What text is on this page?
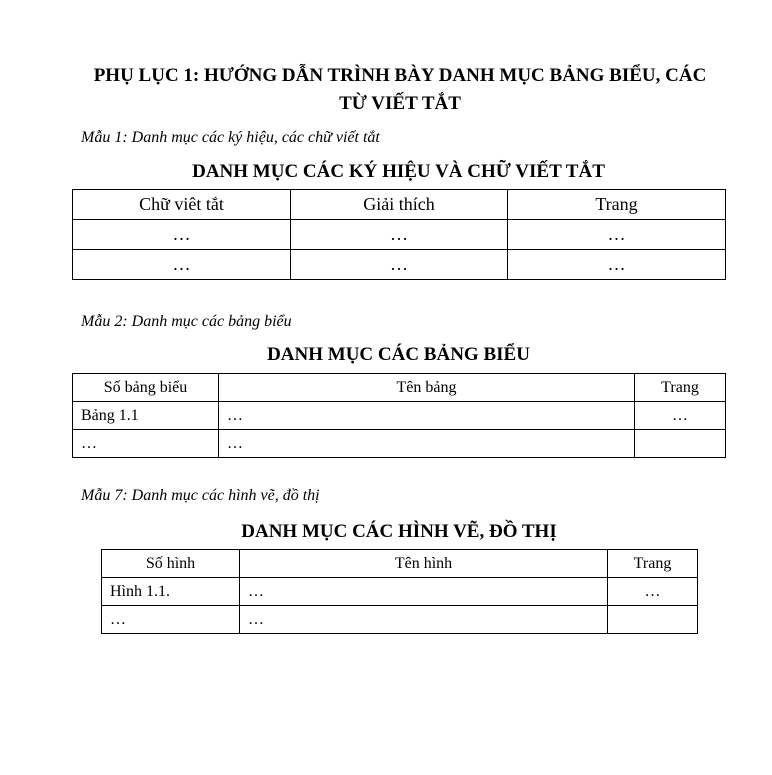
PHỤ LỤC 1: HƯỚNG DẪN TRÌNH BÀY DANH MỤC BẢNG BIỂU, CÁC
TỪ VIẾT TẮT
Mẫu 1: Danh mục các ký hiệu, các chữ viết tắt
DANH MỤC CÁC KÝ HIỆU VÀ CHỮ VIẾT TẮT
Chữ viêt tắt	Giải thích	Trang
…	…	…
…	…	…
Mẫu 2: Danh mục các bảng biểu
DANH MỤC CÁC BẢNG BIỂU
Số bảng biểu	Tên bảng	Trang
Bảng 1.1	…	…
…	…	
Mẫu 7: Danh mục các hình vẽ, đồ thị
DANH MỤC CÁC HÌNH VẼ, ĐỒ THỊ
Số hình	Tên hình	Trang
Hình 1.1.	…	…
…	…	
